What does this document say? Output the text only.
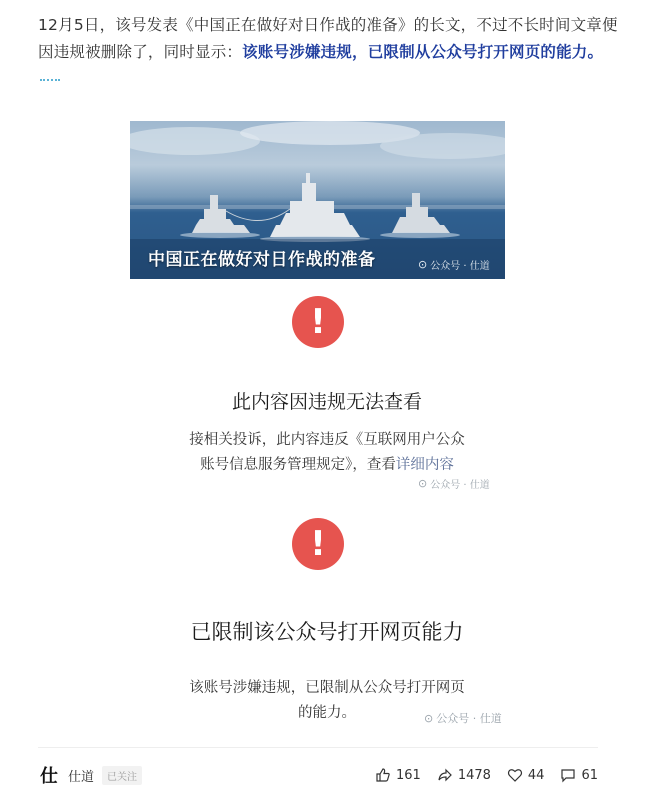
12月5日，该号发表《中国正在做好对日作战的准备》的长文，不过不长时间文章便因违规被删除了，同时显示：该账号涉嫌违规，已限制从公众号打开网页的能力。
中国正在做好对日作战的准备	⊙ 公众号 · 仕道
!
此内容因违规无法查看
接相关投诉，此内容违反《互联网用户公众
账号信息服务管理规定》，查看详细内容
⊙ 公众号 · 仕道
!
已限制该公众号打开网页能力
该账号涉嫌违规，已限制从公众号打开网页
的能力。	⊙ 公众号 · 仕道
仕 仕道	已关注	161	1478	44	61
